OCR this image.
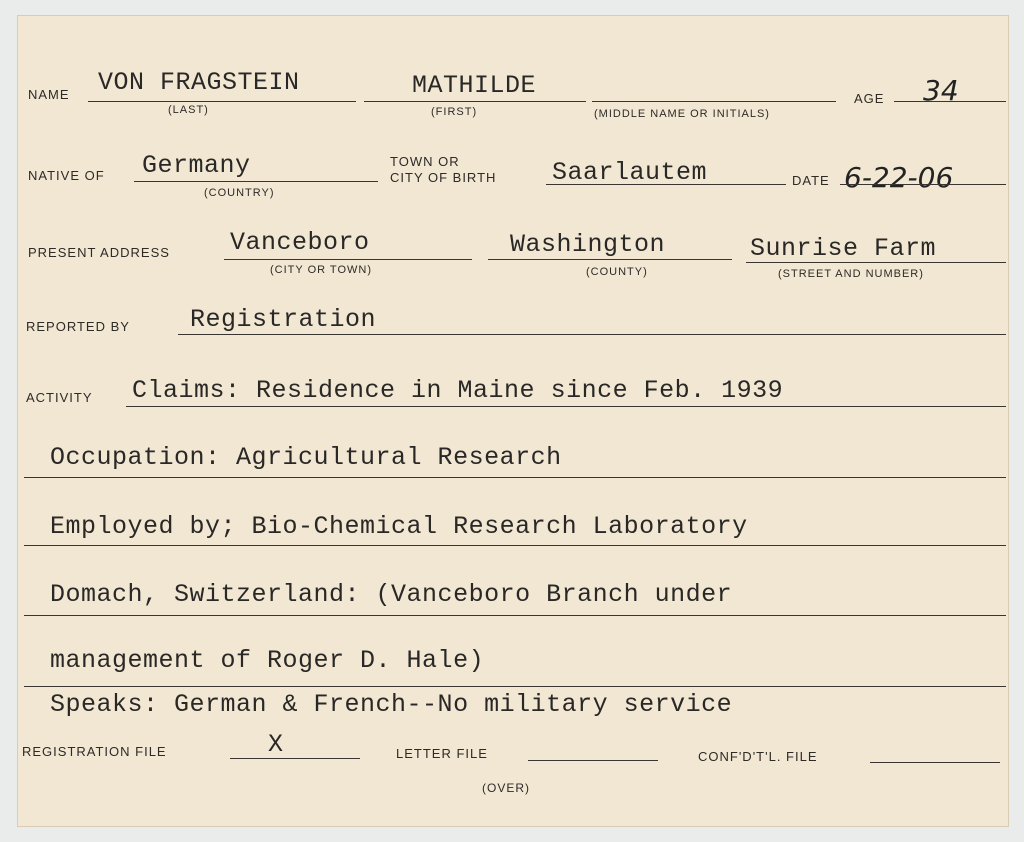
NAME VON FRAGSTEIN
(LAST)
MATHILDE
(FIRST)	(MIDDLE NAME OR INITIALS)
AGE 34
NATIVE OF Germany
(COUNTRY)
TOWN OR
CITY OF BIRTH Saarlautem	DATE 6-22-06
PRESENT ADDRESS Vanceboro
(CITY OR TOWN)
Washington
(COUNTY)
Sunrise Farm
(STREET AND NUMBER)
REPORTED BY Registration
ACTIVITY Claims: Residence in Maine since Feb. 1939
Occupation: Agricultural Research
Employed by; Bio-Chemical Research Laboratory
Domach, Switzerland: (Vanceboro Branch under
management of Roger D. Hale)
Speaks: German & French--No military service
REGISTRATION FILE	X	LETTER FILE	CONF'D'T'L. FILE
(OVER)
